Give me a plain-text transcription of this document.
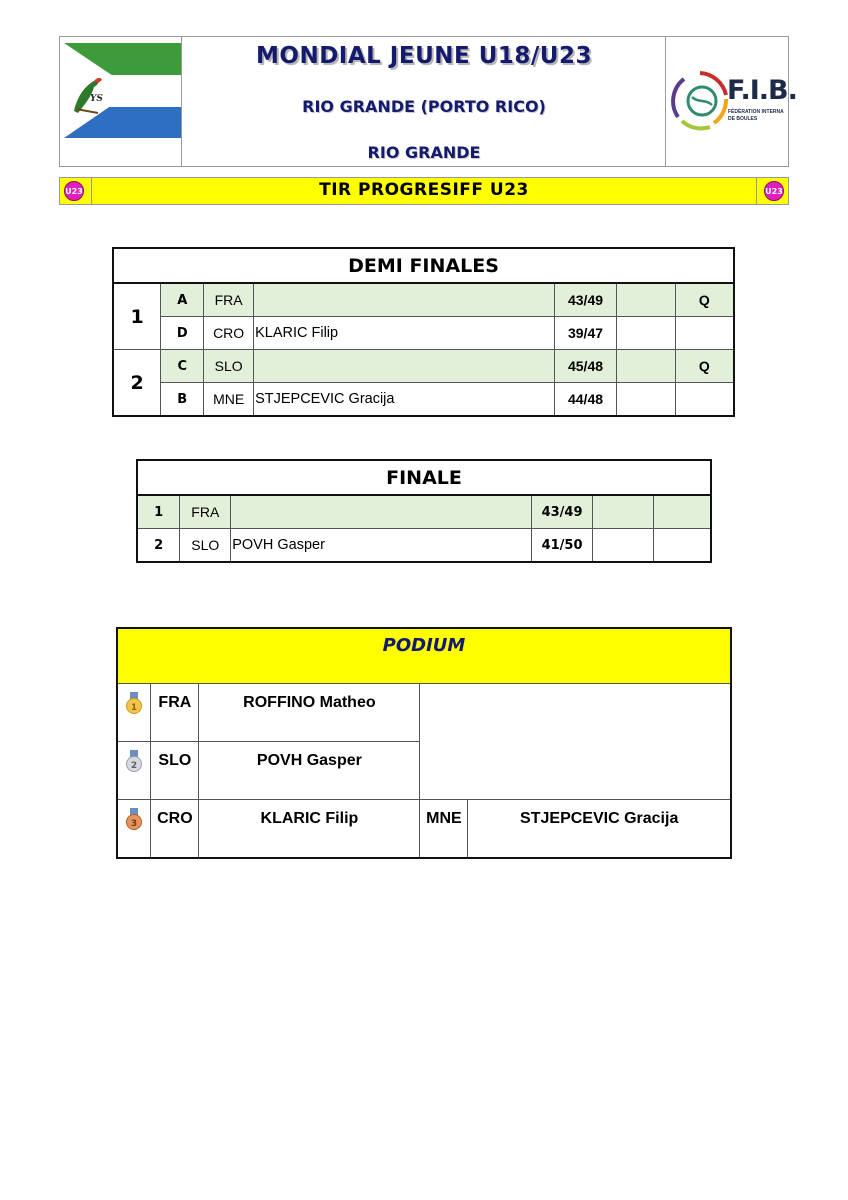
YS
MONDIAL JEUNE U18/U23
RIO GRANDE (PORTO RICO)
RIO GRANDE
F.I.B.
FÉDÉRATION INTERNA
DE BOULES
U23	TIR PROGRESIFF U23	U23
DEMI FINALES						
1	A	FRA		43/49		Q
	D	CRO	KLARIC Filip	39/47		
2	C	SLO		45/48		Q
	B	MNE	STJEPCEVIC Gracija	44/48		
FINALE					
1	FRA		43/49		
2	SLO	POVH Gasper	41/50		
PODIUM				

1	FRA	ROFFINO Matheo		

2	SLO	POVH Gasper		

3	CRO	KLARIC Filip	MNE	STJEPCEVIC Gracija
